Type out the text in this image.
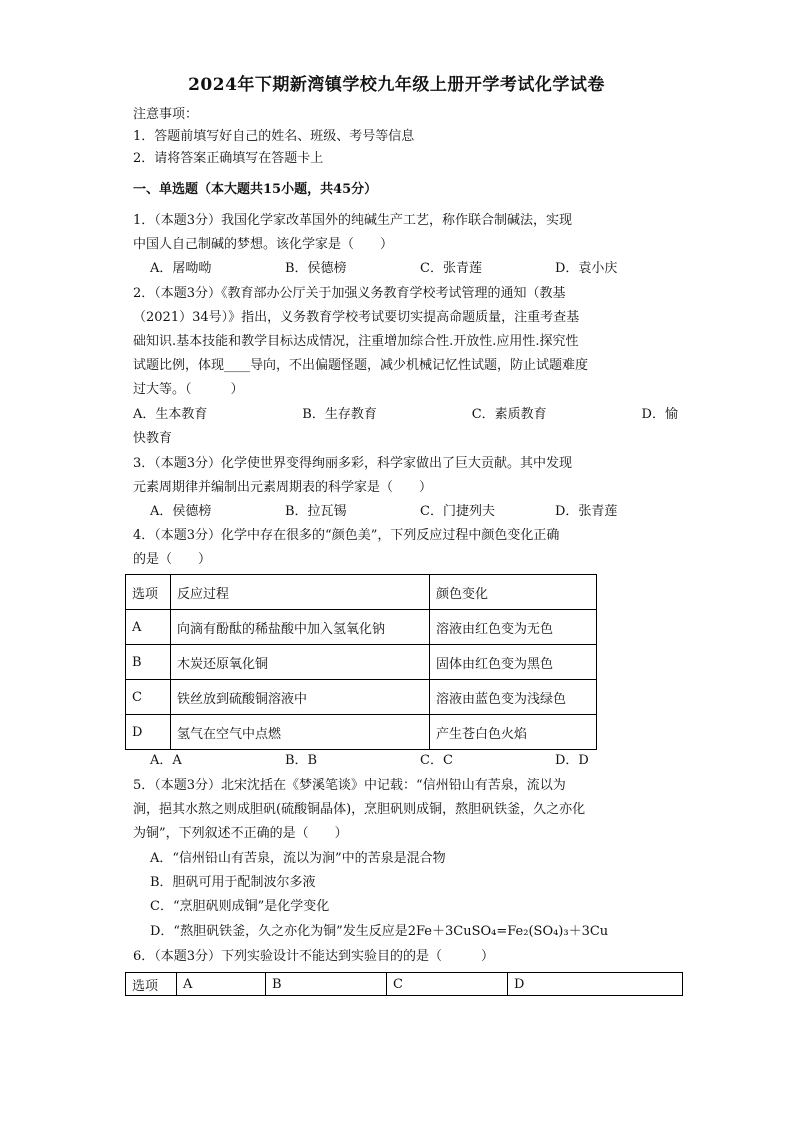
2024年下期新湾镇学校九年级上册开学考试化学试卷
注意事项：
1．答题前填写好自己的姓名、班级、考号等信息
2．请将答案正确填写在答题卡上
一、单选题（本大题共15小题，共45分）
1．（本题3分）我国化学家改革国外的纯碱生产工艺，称作联合制碱法，实现
中国人自己制碱的梦想。该化学家是（　　）
A．屠呦呦	B．侯德榜	C．张青莲	D．袁小庆
2．（本题3分）《教育部办公厅关于加强义务教育学校考试管理的通知（教基
（2021）34号）》指出，义务教育学校考试要切实提高命题质量，注重考查基
础知识.基本技能和教学目标达成情况，注重增加综合性.开放性.应用性.探究性
试题比例，体现____导向，不出偏题怪题，减少机械记忆性试题，防止试题难度
过大等。（　　　）
A．生本教育	B．生存教育	C．素质教育	D．愉
快教育
3．（本题3分）化学使世界变得绚丽多彩，科学家做出了巨大贡献。其中发现
元素周期律并编制出元素周期表的科学家是（　　）
A．侯德榜	B．拉瓦锡	C．门捷列夫	D．张青莲
4．（本题3分）化学中存在很多的“颜色美”，下列反应过程中颜色变化正确
的是（　　）
选项	反应过程	颜色变化
A	向滴有酚酞的稀盐酸中加入氢氧化钠	溶液由红色变为无色
B	木炭还原氧化铜	固体由红色变为黑色
C	铁丝放到硫酸铜溶液中	溶液由蓝色变为浅绿色
D	氢气在空气中点燃	产生苍白色火焰
A．A	B．B	C．C	D．D
5．（本题3分）北宋沈括在《梦溪笔谈》中记载：“信州铅山有苦泉，流以为
涧，挹其水熬之则成胆矾(硫酸铜晶体)，烹胆矾则成铜，熬胆矾铁釜，久之亦化
为铜”，下列叙述不正确的是（　　）
A．“信州铅山有苦泉，流以为涧”中的苦泉是混合物
B．胆矾可用于配制波尔多液
C．“烹胆矾则成铜”是化学变化
D．“熬胆矾铁釜，久之亦化为铜”发生反应是2Fe＋3CuSO₄=Fe₂(SO₄)₃＋3Cu
6．（本题3分）下列实验设计不能达到实验目的的是（　　　）
选项	A	B	C	D
